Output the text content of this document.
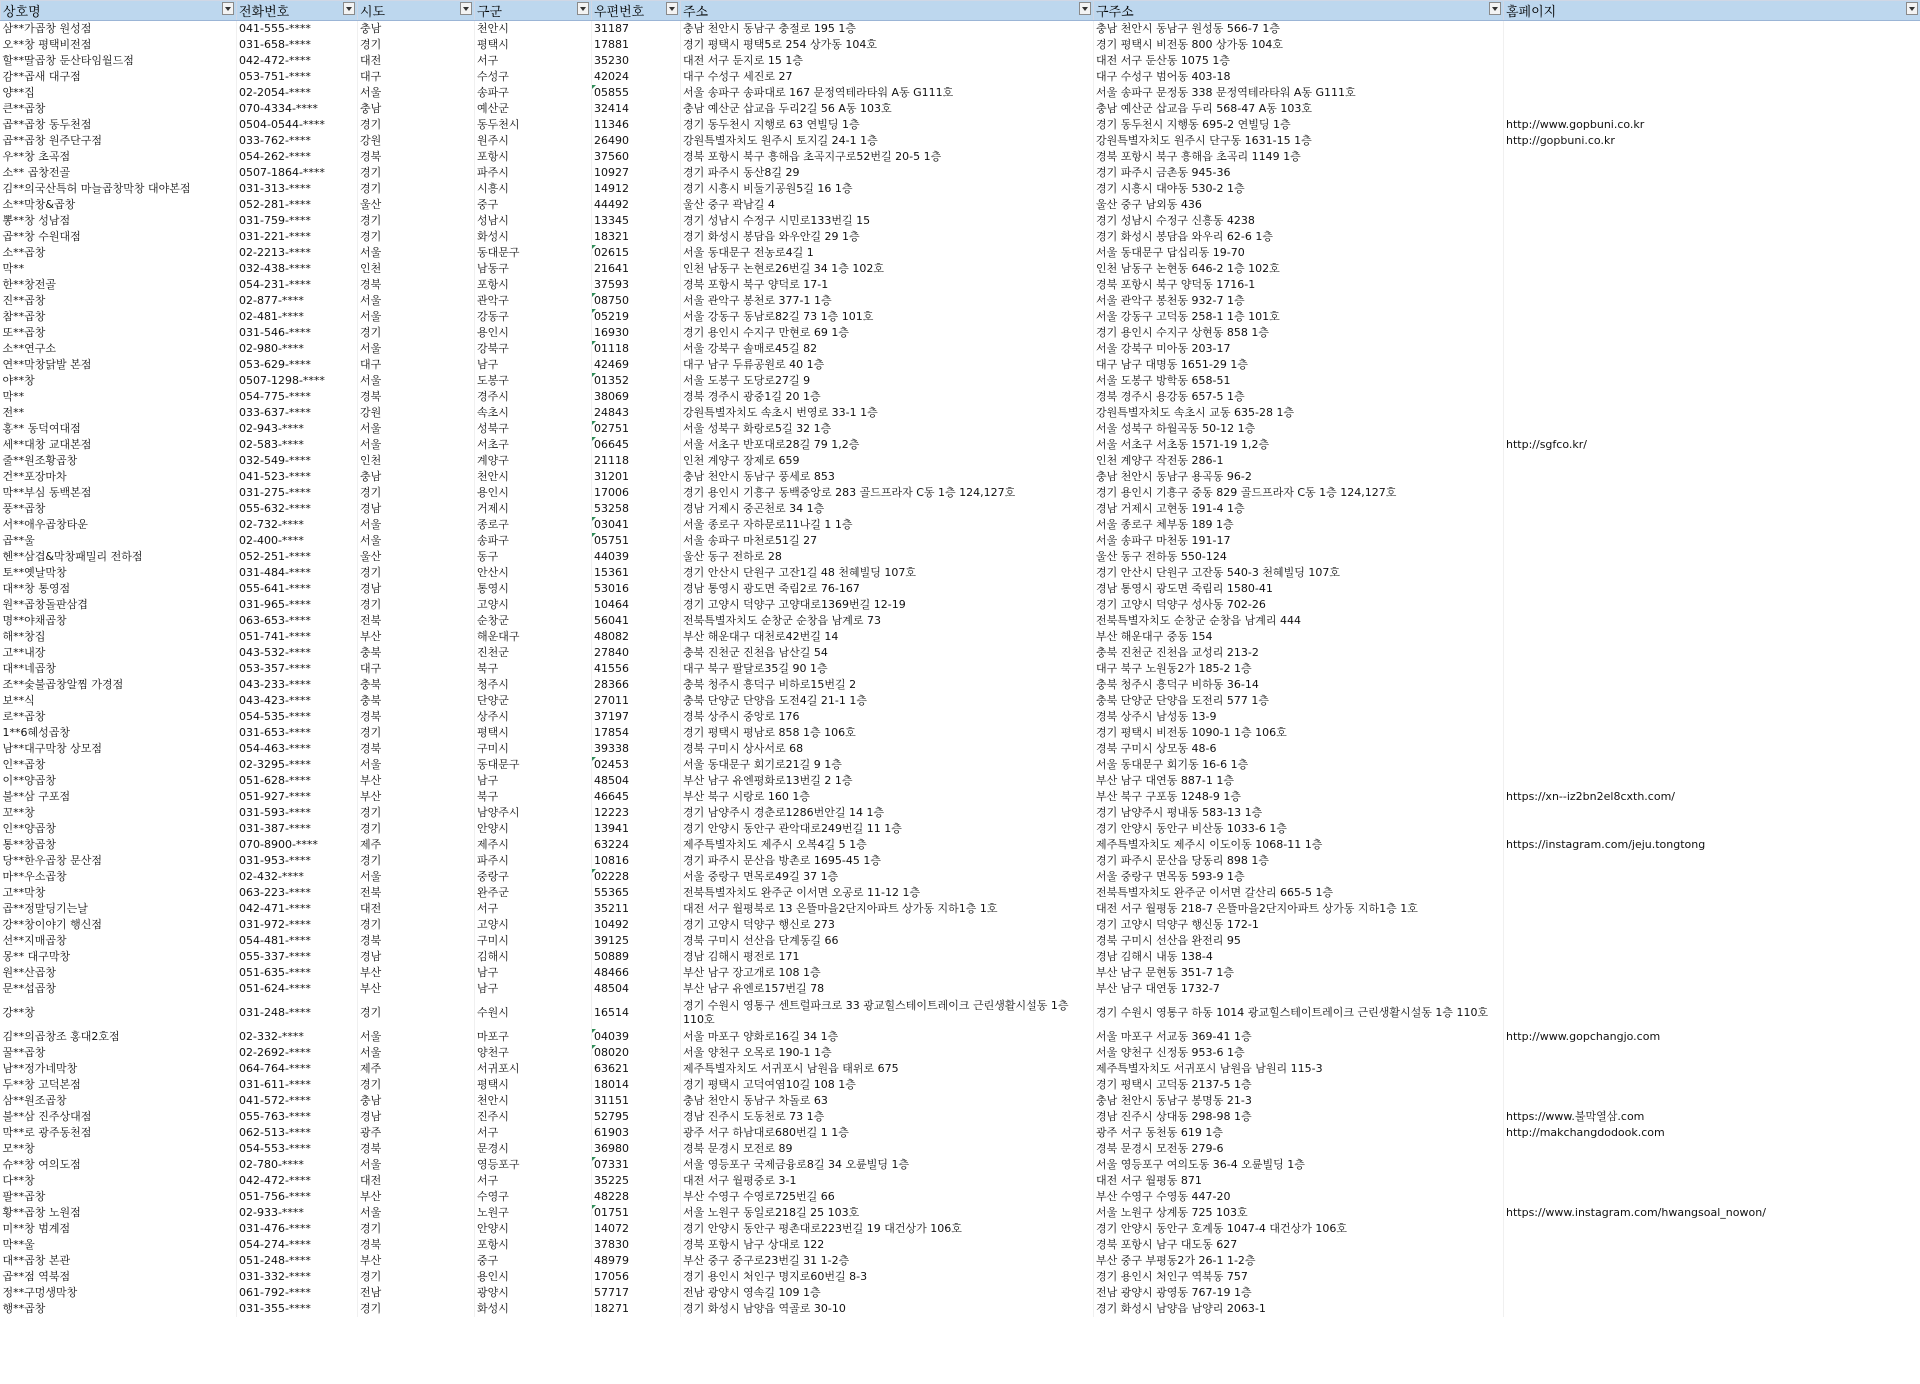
상호명	전화번호	시도	구군	우편번호	주소	구주소	홈페이지

삼**가곱창 원성점	041-555-****	충남	천안시	31187	충남 천안시 동남구 충절로 195 1층	충남 천안시 동남구 원성동 566-7 1층	
오**창 평택비전점	031-658-****	경기	평택시	17881	경기 평택시 평택5로 254 상가동 104호	경기 평택시 비전동 800 상가동 104호	
할**딸곱창 둔산타임월드점	042-472-****	대전	서구	35230	대전 서구 둔지로 15 1층	대전 서구 둔산동 1075 1층	
감**곱새 대구점	053-751-****	대구	수성구	42024	대구 수성구 세진로 27	대구 수성구 범어동 403-18	
양**집	02-2054-****	서울	송파구	05855	서울 송파구 송파대로 167 문정역테라타워 A동 G111호	서울 송파구 문정동 338 문정역테라타워 A동 G111호	
큰**곱창	070-4334-****	충남	예산군	32414	충남 예산군 삽교읍 두리2길 56 A동 103호	충남 예산군 삽교읍 두리 568-47 A동 103호	
곱**곱창 동두천점	0504-0544-****	경기	동두천시	11346	경기 동두천시 지행로 63 연빌딩 1층	경기 동두천시 지행동 695-2 연빌딩 1층	http://www.gopbuni.co.kr
곱**곱창 원주단구점	033-762-****	강원	원주시	26490	강원특별자치도 원주시 토지길 24-1 1층	강원특별자치도 원주시 단구동 1631-15 1층	http://gopbuni.co.kr
우**창 초곡점	054-262-****	경북	포항시	37560	경북 포항시 북구 흥해읍 초곡지구로52번길 20-5 1층	경북 포항시 북구 흥해읍 초곡리 1149 1층	
소** 곱창전골	0507-1864-****	경기	파주시	10927	경기 파주시 동산8길 29	경기 파주시 금촌동 945-36	
김**의국산특허 마늘곱창막창 대야본점	031-313-****	경기	시흥시	14912	경기 시흥시 비둘기공원5길 16 1층	경기 시흥시 대야동 530-2 1층	
소**막창&곱창	052-281-****	울산	중구	44492	울산 중구 곽남길 4	울산 중구 남외동 436	
뽕**창 성남점	031-759-****	경기	성남시	13345	경기 성남시 수정구 시민로133번길 15	경기 성남시 수정구 신흥동 4238	
곱**창 수원대점	031-221-****	경기	화성시	18321	경기 화성시 봉담읍 와우안길 29 1층	경기 화성시 봉담읍 와우리 62-6 1층	
소**곱창	02-2213-****	서울	동대문구	02615	서울 동대문구 전농로4길 1	서울 동대문구 답십리동 19-70	
막**	032-438-****	인천	남동구	21641	인천 남동구 논현로26번길 34 1층 102호	인천 남동구 논현동 646-2 1층 102호	
한**창전골	054-231-****	경북	포항시	37593	경북 포항시 북구 양덕로 17-1	경북 포항시 북구 양덕동 1716-1	
진**곱창	02-877-****	서울	관악구	08750	서울 관악구 봉천로 377-1 1층	서울 관악구 봉천동 932-7 1층	
참**곱창	02-481-****	서울	강동구	05219	서울 강동구 동남로82길 73 1층 101호	서울 강동구 고덕동 258-1 1층 101호	
또**곱창	031-546-****	경기	용인시	16930	경기 용인시 수지구 만현로 69 1층	경기 용인시 수지구 상현동 858 1층	
소**연구소	02-980-****	서울	강북구	01118	서울 강북구 솔매로45길 82	서울 강북구 미아동 203-17	
연**막창닭발 본점	053-629-****	대구	남구	42469	대구 남구 두류공원로 40 1층	대구 남구 대명동 1651-29 1층	
야**창	0507-1298-****	서울	도봉구	01352	서울 도봉구 도당로27길 9	서울 도봉구 방학동 658-51	
막**	054-775-****	경북	경주시	38069	경북 경주시 광중1길 20 1층	경북 경주시 용강동 657-5 1층	
전**	033-637-****	강원	속초시	24843	강원특별자치도 속초시 번영로 33-1 1층	강원특별자치도 속초시 교동 635-28 1층	
홍** 동덕여대점	02-943-****	서울	성북구	02751	서울 성북구 화랑로5길 32 1층	서울 성북구 하월곡동 50-12 1층	
세**대창 교대본점	02-583-****	서울	서초구	06645	서울 서초구 반포대로28길 79 1,2층	서울 서초구 서초동 1571-19 1,2층	http://sgfco.kr/
줄**원조황곱창	032-549-****	인천	계양구	21118	인천 계양구 장제로 659	인천 계양구 작전동 286-1	
건**포장마차	041-523-****	충남	천안시	31201	충남 천안시 동남구 풍세로 853	충남 천안시 동남구 용곡동 96-2	
막**부심 동백본점	031-275-****	경기	용인시	17006	경기 용인시 기흥구 동백중앙로 283 골드프라자 C동 1층 124,127호	경기 용인시 기흥구 중동 829 골드프라자 C동 1층 124,127호	
풍**곱창	055-632-****	경남	거제시	53258	경남 거제시 중곤천로 34 1층	경남 거제시 고현동 191-4 1층	
서**애우곱창타운	02-732-****	서울	종로구	03041	서울 종로구 자하문로11나길 1 1층	서울 종로구 체부동 189 1층	
곱**울	02-400-****	서울	송파구	05751	서울 송파구 마천로51길 27	서울 송파구 마천동 191-17	
헨**삼겹&막창패밀리 전하점	052-251-****	울산	동구	44039	울산 동구 전하로 28	울산 동구 전하동 550-124	
토**옛날막창	031-484-****	경기	안산시	15361	경기 안산시 단원구 고잔1길 48 천혜빌딩 107호	경기 안산시 단원구 고잔동 540-3 천혜빌딩 107호	
대**창 통영점	055-641-****	경남	통영시	53016	경남 통영시 광도면 죽림2로 76-167	경남 통영시 광도면 죽림리 1580-41	
원**곱창돌판삼겹	031-965-****	경기	고양시	10464	경기 고양시 덕양구 고양대로1369번길 12-19	경기 고양시 덕양구 성사동 702-26	
명**야채곱창	063-653-****	전북	순창군	56041	전북특별자치도 순창군 순창읍 남계로 73	전북특별자치도 순창군 순창읍 남계리 444	
해**창집	051-741-****	부산	해운대구	48082	부산 해운대구 대천로42번길 14	부산 해운대구 중동 154	
고**내장	043-532-****	충북	진천군	27840	충북 진천군 진천읍 남산길 54	충북 진천군 진천읍 교성리 213-2	
대**네곱창	053-357-****	대구	북구	41556	대구 북구 팔달로35길 90 1층	대구 북구 노원동2가 185-2 1층	
조**숯불곱창알찜 가경점	043-233-****	충북	청주시	28366	충북 청주시 흥덕구 비하로15번길 2	충북 청주시 흥덕구 비하동 36-14	
보**식	043-423-****	충북	단양군	27011	충북 단양군 단양읍 도전4길 21-1 1층	충북 단양군 단양읍 도전리 577 1층	
로**곱창	054-535-****	경북	상주시	37197	경북 상주시 중앙로 176	경북 상주시 남성동 13-9	
1**6혜성곱창	031-653-****	경기	평택시	17854	경기 평택시 평남로 858 1층 106호	경기 평택시 비전동 1090-1 1층 106호	
남**대구막창 상모점	054-463-****	경북	구미시	39338	경북 구미시 상사서로 68	경북 구미시 상모동 48-6	
인**곱창	02-3295-****	서울	동대문구	02453	서울 동대문구 회기로21길 9 1층	서울 동대문구 회기동 16-6 1층	
이**양곱창	051-628-****	부산	남구	48504	부산 남구 유엔평화로13번길 2 1층	부산 남구 대연동 887-1 1층	
불**삼 구포점	051-927-****	부산	북구	46645	부산 북구 시랑로 160 1층	부산 북구 구포동 1248-9 1층	https://xn--iz2bn2el8cxth.com/
꼬**창	031-593-****	경기	남양주시	12223	경기 남양주시 경춘로1286번안길 14 1층	경기 남양주시 평내동 583-13 1층	
인**양곱창	031-387-****	경기	안양시	13941	경기 안양시 동안구 관악대로249번길 11 1층	경기 안양시 동안구 비산동 1033-6 1층	
통**창곱창	070-8900-****	제주	제주시	63224	제주특별자치도 제주시 오복4길 5 1층	제주특별자치도 제주시 이도이동 1068-11 1층	https://instagram.com/jeju.tongtong
당**한우곱창 문산점	031-953-****	경기	파주시	10816	경기 파주시 문산읍 방촌로 1695-45 1층	경기 파주시 문산읍 당동리 898 1층	
마**우소곱창	02-432-****	서울	중랑구	02228	서울 중랑구 면목로49길 37 1층	서울 중랑구 면목동 593-9 1층	
고**막창	063-223-****	전북	완주군	55365	전북특별자치도 완주군 이서면 오공로 11-12 1층	전북특별자치도 완주군 이서면 갈산리 665-5 1층	
곱**정말딩기는날	042-471-****	대전	서구	35211	대전 서구 월평북로 13 은뜰마을2단지아파트 상가동 지하1층 1호	대전 서구 월평동 218-7 은뜰마을2단지아파트 상가동 지하1층 1호	
강**창이야기 행신점	031-972-****	경기	고양시	10492	경기 고양시 덕양구 행신로 273	경기 고양시 덕양구 행신동 172-1	
선**지매곱창	054-481-****	경북	구미시	39125	경북 구미시 선산읍 단계동길 66	경북 구미시 선산읍 완전리 95	
몽** 대구막창	055-337-****	경남	김해시	50889	경남 김해시 평전로 171	경남 김해시 내동 138-4	
원**산곱창	051-635-****	부산	남구	48466	부산 남구 장고개로 108 1층	부산 남구 문현동 351-7 1층	
문**섭곱창	051-624-****	부산	남구	48504	부산 남구 유엔로157번길 78	부산 남구 대연동 1732-7	
강**창	031-248-****	경기	수원시	16514	경기 수원시 영통구 센트럴파크로 33 광교힐스테이트레이크 근린생활시설동 1층 110호	경기 수원시 영통구 하동 1014 광교힐스테이트레이크 근린생활시설동 1층 110호	
김**의곱창조 홍대2호점	02-332-****	서울	마포구	04039	서울 마포구 양화로16길 34 1층	서울 마포구 서교동 369-41 1층	http://www.gopchangjo.com
꿀**곱창	02-2692-****	서울	양천구	08020	서울 양천구 오목로 190-1 1층	서울 양천구 신정동 953-6 1층	
남**정가네막창	064-764-****	제주	서귀포시	63621	제주특별자치도 서귀포시 남원읍 태위로 675	제주특별자치도 서귀포시 남원읍 남원리 115-3	
두**창 고덕본점	031-611-****	경기	평택시	18014	경기 평택시 고덕여염10길 108 1층	경기 평택시 고덕동 2137-5 1층	
삼**원조곱창	041-572-****	충남	천안시	31151	충남 천안시 동남구 차돌로 63	충남 천안시 동남구 봉명동 21-3	
불**삼 진주상대점	055-763-****	경남	진주시	52795	경남 진주시 도동천로 73 1층	경남 진주시 상대동 298-98 1층	https://www.불막열삼.com
막**로 광주동천점	062-513-****	광주	서구	61903	광주 서구 하남대로680번길 1 1층	광주 서구 동천동 619 1층	http://makchangdodook.com
모**창	054-553-****	경북	문경시	36980	경북 문경시 모전로 89	경북 문경시 모전동 279-6	
슈**창 여의도점	02-780-****	서울	영등포구	07331	서울 영등포구 국제금융로8길 34 오륜빌딩 1층	서울 영등포구 여의도동 36-4 오륜빌딩 1층	
다**창	042-472-****	대전	서구	35225	대전 서구 월평중로 3-1	대전 서구 월평동 871	
팔**곱창	051-756-****	부산	수영구	48228	부산 수영구 수영로725번길 66	부산 수영구 수영동 447-20	
황**곱창 노원점	02-933-****	서울	노원구	01751	서울 노원구 동일로218길 25 103호	서울 노원구 상계동 725 103호	https://www.instagram.com/hwangsoal_nowon/
미**창 범계점	031-476-****	경기	안양시	14072	경기 안양시 동안구 평촌대로223번길 19 대건상가 106호	경기 안양시 동안구 호계동 1047-4 대건상가 106호	
막**울	054-274-****	경북	포항시	37830	경북 포항시 남구 상대로 122	경북 포항시 남구 대도동 627	
대**곱창 본관	051-248-****	부산	중구	48979	부산 중구 중구로23번길 31 1-2층	부산 중구 부평동2가 26-1 1-2층	
곱**점 역북점	031-332-****	경기	용인시	17056	경기 용인시 처인구 명지로60번길 8-3	경기 용인시 처인구 역북동 757	
정**구멍생막창	061-792-****	전남	광양시	57717	전남 광양시 영속길 109 1층	전남 광양시 광영동 767-19 1층	
행**곱창	031-355-****	경기	화성시	18271	경기 화성시 남양읍 역골로 30-10	경기 화성시 남양읍 남양리 2063-1	
